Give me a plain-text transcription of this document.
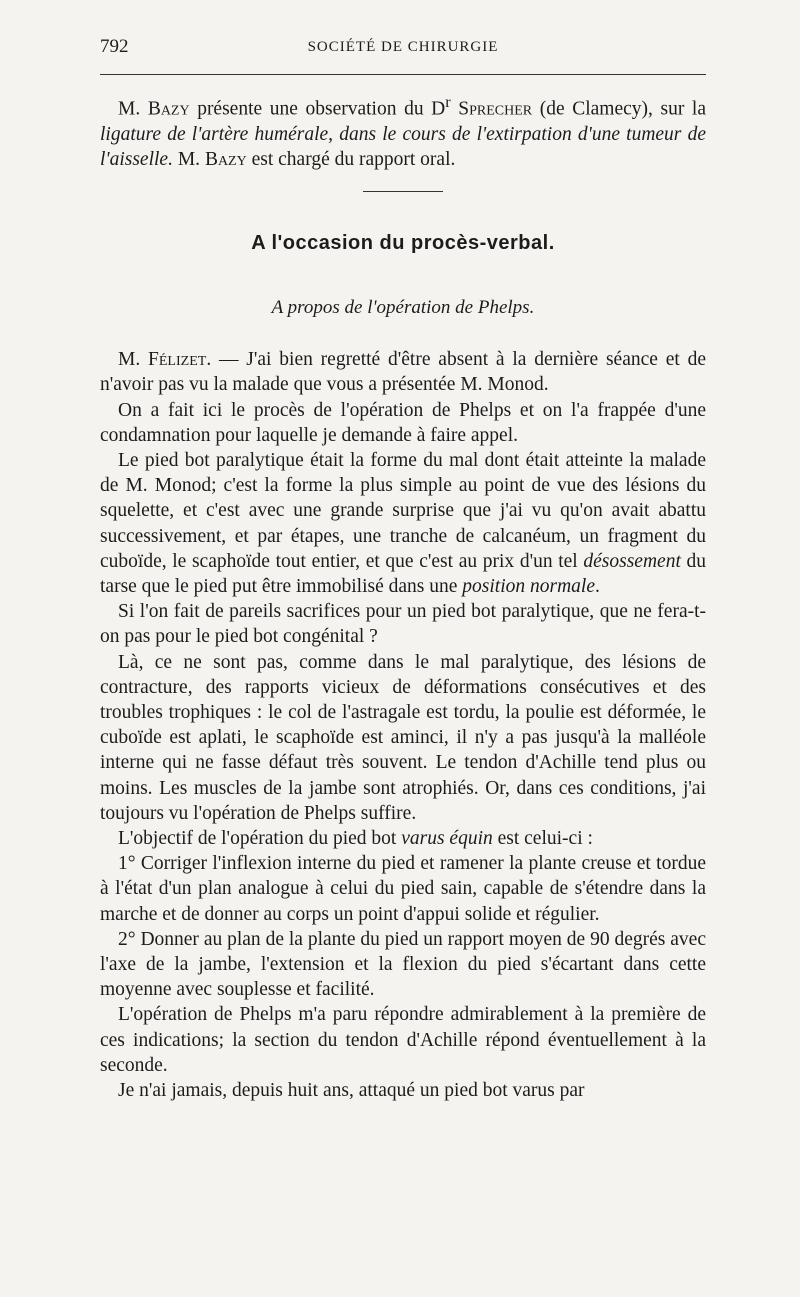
792	SOCIÉTÉ DE CHIRURGIE

M. Bazy présente une observation du $D^r$ Sprecher (de Clamecy), sur la ligature de l'artère humérale, dans le cours de l'extirpation d'une tumeur de l'aisselle. M. Bazy est chargé du rapport oral.

A l'occasion du procès-verbal.
A propos de l'opération de Phelps.

M. Félizet. — J'ai bien regretté d'être absent à la dernière séance et de n'avoir pas vu la malade que vous a présentée M. Monod.

On a fait ici le procès de l'opération de Phelps et on l'a frappée d'une condamnation pour laquelle je demande à faire appel.

Le pied bot paralytique était la forme du mal dont était atteinte la malade de M. Monod; c'est la forme la plus simple au point de vue des lésions du squelette, et c'est avec une grande surprise que j'ai vu qu'on avait abattu successivement, et par étapes, une tranche de calcanéum, un fragment du cuboïde, le scaphoïde tout entier, et que c'est au prix d'un tel désossement du tarse que le pied put être immobilisé dans une position normale.

Si l'on fait de pareils sacrifices pour un pied bot paralytique, que ne fera-t-on pas pour le pied bot congénital ?

Là, ce ne sont pas, comme dans le mal paralytique, des lésions de contracture, des rapports vicieux de déformations consécutives et des troubles trophiques : le col de l'astragale est tordu, la poulie est déformée, le cuboïde est aplati, le scaphoïde est aminci, il n'y a pas jusqu'à la malléole interne qui ne fasse défaut très souvent. Le tendon d'Achille tend plus ou moins. Les muscles de la jambe sont atrophiés. Or, dans ces conditions, j'ai toujours vu l'opération de Phelps suffire.

L'objectif de l'opération du pied bot varus équin est celui-ci :

1° Corriger l'inflexion interne du pied et ramener la plante creuse et tordue à l'état d'un plan analogue à celui du pied sain, capable de s'étendre dans la marche et de donner au corps un point d'appui solide et régulier.

2° Donner au plan de la plante du pied un rapport moyen de 90 degrés avec l'axe de la jambe, l'extension et la flexion du pied s'écartant dans cette moyenne avec souplesse et facilité.

L'opération de Phelps m'a paru répondre admirablement à la première de ces indications; la section du tendon d'Achille répond éventuellement à la seconde.

Je n'ai jamais, depuis huit ans, attaqué un pied bot varus par
